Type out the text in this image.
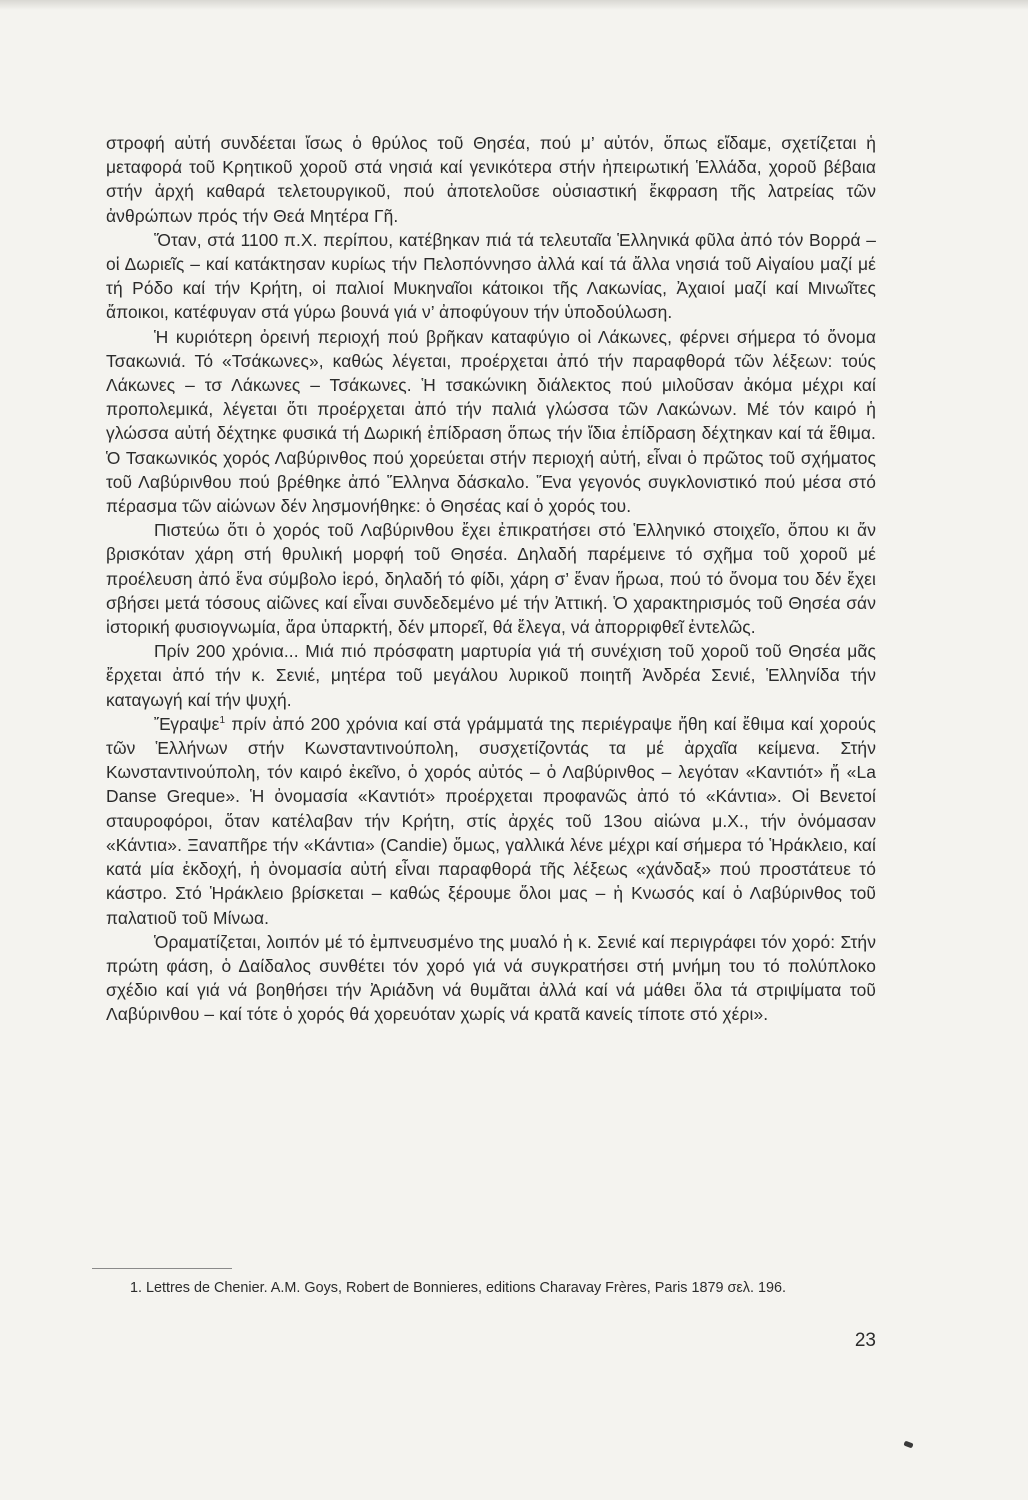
στροφή αὐτή συνδέεται ἴσως ὁ θρύλος τοῦ Θησέα, πού μ’ αὐτόν, ὅπως εἴδαμε, σχετίζεται ἡ μεταφορά τοῦ Κρητικοῦ χοροῦ στά νησιά καί γενικότερα στήν ἠπειρωτική Ἑλλάδα, χοροῦ βέβαια στήν ἀρχή καθαρά τελετουργικοῦ, πού ἀποτελοῦσε οὐσιαστική ἔκφραση τῆς λατρείας τῶν ἀνθρώπων πρός τήν Θεά Μητέρα Γῆ.

Ὅταν, στά 1100 π.Χ. περίπου, κατέβηκαν πιά τά τελευταῖα Ἑλληνικά φῦλα ἀπό τόν Βορρά – οἱ Δωριεῖς – καί κατάκτησαν κυρίως τήν Πελοπόννησο ἀλλά καί τά ἄλλα νησιά τοῦ Αἰγαίου μαζί μέ τή Ρόδο καί τήν Κρήτη, οἱ παλιοί Μυκηναῖοι κάτοικοι τῆς Λακωνίας, Ἀχαιοί μαζί καί Μινωῖτες ἄποικοι, κατέφυγαν στά γύρω βουνά γιά ν’ ἀποφύγουν τήν ὑποδούλωση.

Ἡ κυριότερη ὀρεινή περιοχή πού βρῆκαν καταφύγιο οἱ Λάκωνες, φέρνει σήμερα τό ὄνομα Τσακωνιά. Τό «Τσάκωνες», καθώς λέγεται, προέρχεται ἀπό τήν παραφθορά τῶν λέξεων: τούς Λάκωνες – τσ Λάκωνες – Τσάκωνες. Ἡ τσακώνικη διάλεκτος πού μιλοῦσαν ἀκόμα μέχρι καί προπολεμικά, λέγεται ὅτι προέρχεται ἀπό τήν παλιά γλώσσα τῶν Λακώνων. Μέ τόν καιρό ἡ γλώσσα αὐτή δέχτηκε φυσικά τή Δωρική ἐπίδραση ὅπως τήν ἴδια ἐπίδραση δέχτηκαν καί τά ἔθιμα. Ὁ Τσακωνικός χορός Λαβύρινθος πού χορεύεται στήν περιοχή αὐτή, εἶναι ὁ πρῶτος τοῦ σχήματος τοῦ Λαβύρινθου πού βρέθηκε ἀπό Ἕλληνα δάσκαλο. Ἕνα γεγονός συγκλονιστικό πού μέσα στό πέρασμα τῶν αἰώνων δέν λησμονήθηκε: ὁ Θησέας καί ὁ χορός του.

Πιστεύω ὅτι ὁ χορός τοῦ Λαβύρινθου ἔχει ἐπικρατήσει στό Ἑλληνικό στοιχεῖο, ὅπου κι ἄν βρισκόταν χάρη στή θρυλική μορφή τοῦ Θησέα. Δηλαδή παρέμεινε τό σχῆμα τοῦ χοροῦ μέ προέλευση ἀπό ἕνα σύμβολο ἱερό, δηλαδή τό φίδι, χάρη σ’ ἕναν ἥρωα, πού τό ὄνομα του δέν ἔχει σβήσει μετά τόσους αἰῶνες καί εἶναι συνδεδεμένο μέ τήν Ἀττική. Ὁ χαρακτηρισμός τοῦ Θησέα σάν ἱστορική φυσιογνωμία, ἄρα ὑπαρκτή, δέν μπορεῖ, θά ἔλεγα, νά ἀπορριφθεῖ ἐντελῶς.

Πρίν 200 χρόνια... Μιά πιό πρόσφατη μαρτυρία γιά τή συνέχιση τοῦ χοροῦ τοῦ Θησέα μᾶς ἔρχεται ἀπό τήν κ. Σενιέ, μητέρα τοῦ μεγάλου λυρικοῦ ποιητῆ Ἀνδρέα Σενιέ, Ἑλληνίδα τήν καταγωγή καί τήν ψυχή.

Ἔγραψε$^1$ πρίν ἀπό 200 χρόνια καί στά γράμματά της περιέγραψε ἤθη καί ἔθιμα καί χορούς τῶν Ἑλλήνων στήν Κωνσταντινούπολη, συσχετίζοντάς τα μέ ἀρχαῖα κείμενα. Στήν Κωνσταντινούπολη, τόν καιρό ἐκεῖνο, ὁ χορός αὐτός – ὁ Λαβύρινθος – λεγόταν «Καντιότ» ἤ «La Danse Greque». Ἡ ὀνομασία «Καντιότ» προέρχεται προφανῶς ἀπό τό «Κάντια». Οἱ Βενετοί σταυροφόροι, ὅταν κατέλαβαν τήν Κρήτη, στίς ἀρχές τοῦ 13ου αἰώνα μ.Χ., τήν ὀνόμασαν «Κάντια». Ξαναπῆρε τήν «Κάντια» (Candie) ὅμως, γαλλικά λένε μέχρι καί σήμερα τό Ἡράκλειο, καί κατά μία ἐκδοχή, ἡ ὀνομασία αὐτή εἶναι παραφθορά τῆς λέξεως «χάνδαξ» πού προστάτευε τό κάστρο. Στό Ἡράκλειο βρίσκεται – καθώς ξέρουμε ὅλοι μας – ἡ Κνωσός καί ὁ Λαβύρινθος τοῦ παλατιοῦ τοῦ Μίνωα.

Ὁραματίζεται, λοιπόν μέ τό ἐμπνευσμένο της μυαλό ἡ κ. Σενιέ καί περιγράφει τόν χορό: Στήν πρώτη φάση, ὁ Δαίδαλος συνθέτει τόν χορό γιά νά συγκρατήσει στή μνήμη του τό πολύπλοκο σχέδιο καί γιά νά βοηθήσει τήν Ἀριάδνη νά θυμᾶται ἀλλά καί νά μάθει ὅλα τά στριψίματα τοῦ Λαβύρινθου – καί τότε ὁ χορός θά χορευόταν χωρίς νά κρατᾶ κανείς τίποτε στό χέρι».

1. Lettres de Chenier. A.M. Goys, Robert de Bonnieres, editions Charavay Frères, Paris 1879 σελ. 196.
23
